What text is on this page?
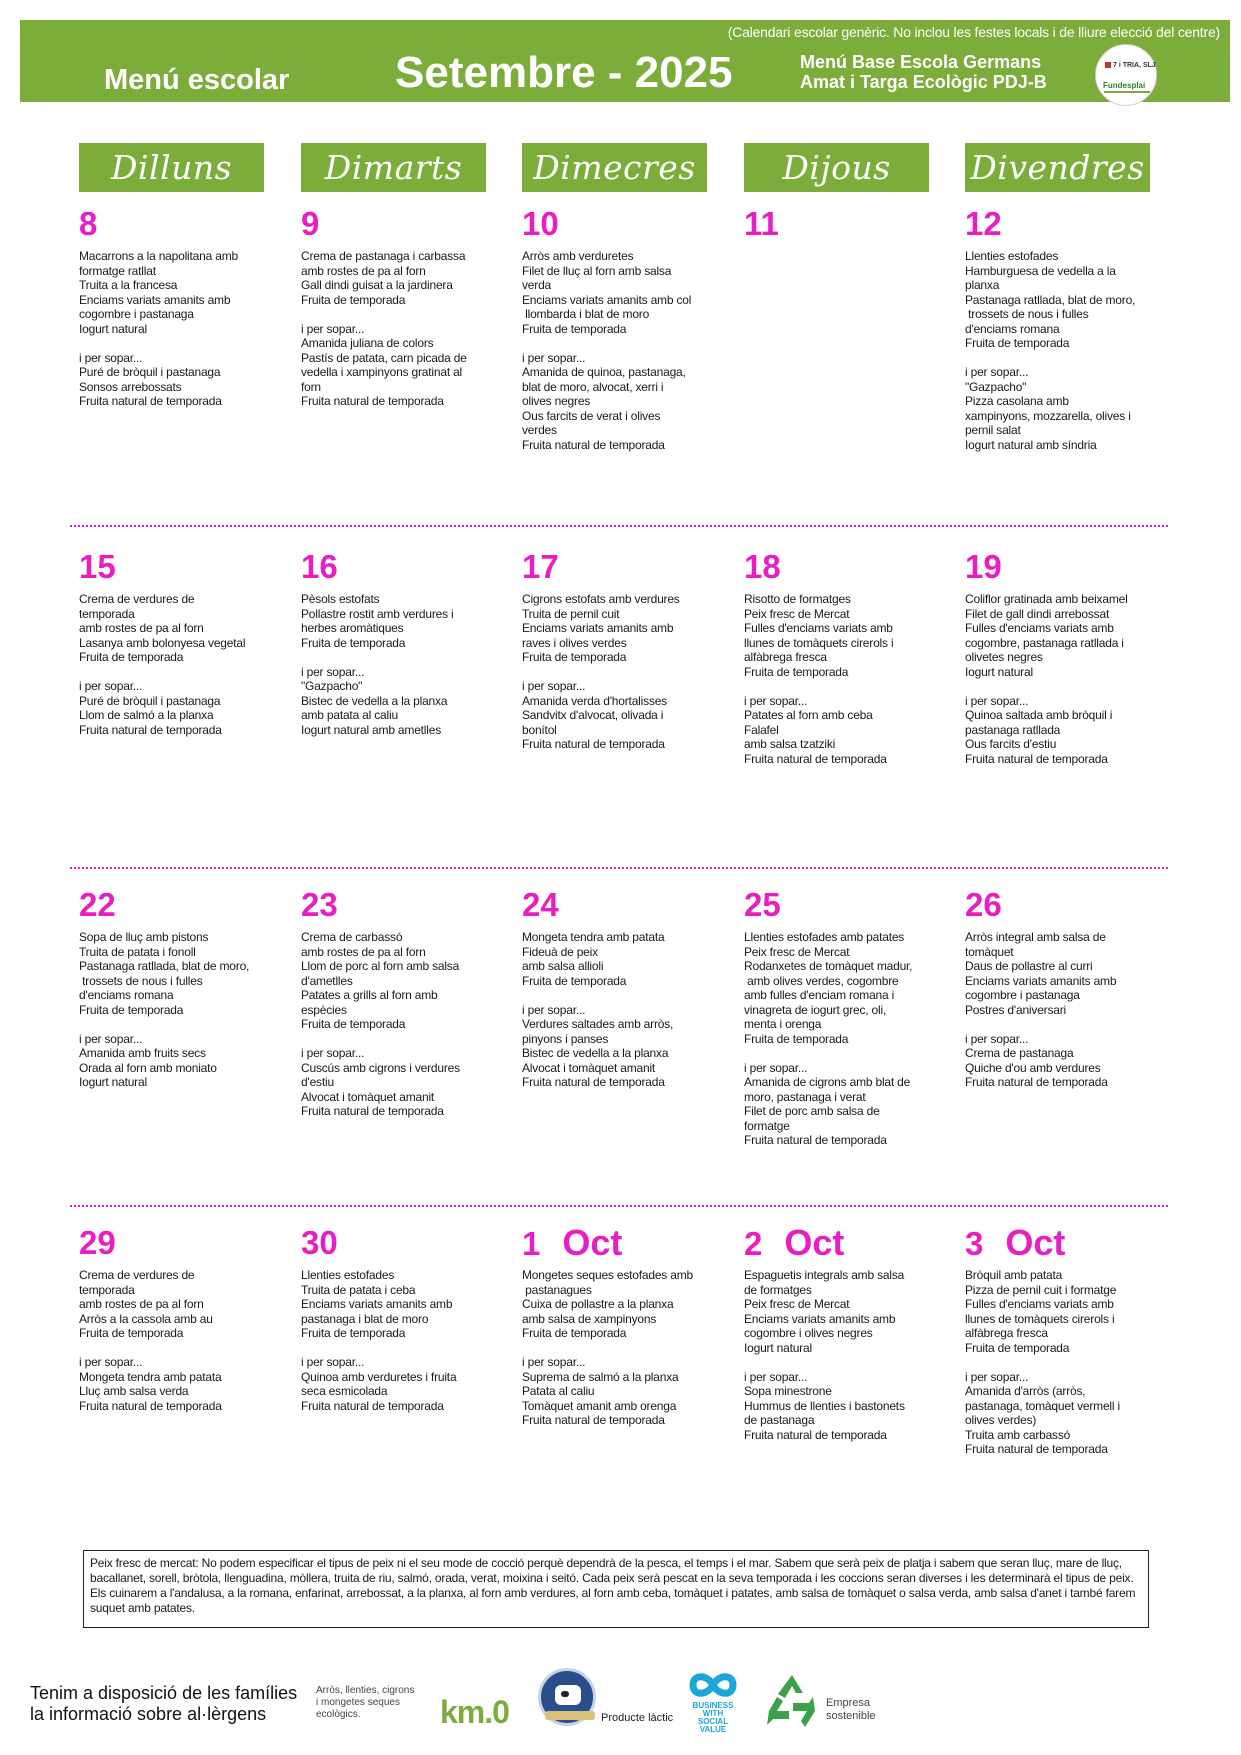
(Calendari escolar genèric. No inclou les festes locals i de lliure elecció del centre)
Menú escolar Setembre - 2025	Menú Base Escola Germans
Amat i Targa Ecològic PDJ-B
7 i TRIA, SLJ
Fundesplai
Dilluns	Dimarts	Dimecres	Dijous	Divendres
8
Macarrons a la napolitana amb
formatge ratllat
Truita a la francesa
Enciams variats amanits amb
cogombre i pastanaga
Iogurt natural
i per sopar...
Puré de bròquil i pastanaga
Sonsos arrebossats
Fruita natural de temporada
9
Crema de pastanaga i carbassa
amb rostes de pa al forn
Gall dindi guisat a la jardinera
Fruita de temporada
i per sopar...
Amanida juliana de colors
Pastís de patata, carn picada de
vedella i xampinyons gratinat al
forn
Fruita natural de temporada
10
Arròs amb verduretes
Filet de lluç al forn amb salsa
verda
Enciams variats amanits amb col
llombarda i blat de moro
Fruita de temporada
i per sopar...
Amanida de quinoa, pastanaga,
blat de moro, alvocat, xerri i
olives negres
Ous farcits de verat i olives
verdes
Fruita natural de temporada
11	12
Llenties estofades
Hamburguesa de vedella a la
planxa
Pastanaga ratllada, blat de moro,
trossets de nous i fulles
d'enciams romana
Fruita de temporada
i per sopar...
"Gazpacho"
Pizza casolana amb
xampinyons, mozzarella, olives i
pernil salat
Iogurt natural amb síndria
15
Crema de verdures de
temporada
amb rostes de pa al forn
Lasanya amb bolonyesa vegetal
Fruita de temporada
i per sopar...
Puré de bròquil i pastanaga
Llom de salmó a la planxa
Fruita natural de temporada
16
Pèsols estofats
Pollastre rostit amb verdures i
herbes aromàtiques
Fruita de temporada
i per sopar...
"Gazpacho"
Bistec de vedella a la planxa
amb patata al caliu
Iogurt natural amb ametlles
17
Cigrons estofats amb verdures
Truita de pernil cuit
Enciams variats amanits amb
raves i olives verdes
Fruita de temporada
i per sopar...
Amanida verda d'hortalisses
Sandvitx d'alvocat, olivada i
bonítol
Fruita natural de temporada
18
Risotto de formatges
Peix fresc de Mercat
Fulles d'enciams variats amb
llunes de tomàquets cirerols i
alfàbrega fresca
Fruita de temporada
i per sopar...
Patates al forn amb ceba
Falafel
amb salsa tzatziki
Fruita natural de temporada
19
Coliflor gratinada amb beixamel
Filet de gall dindi arrebossat
Fulles d'enciams variats amb
cogombre, pastanaga ratllada i
olivetes negres
Iogurt natural
i per sopar...
Quinoa saltada amb bròquil i
pastanaga ratllada
Ous farcits d'estiu
Fruita natural de temporada
22
Sopa de lluç amb pistons
Truita de patata i fonoll
Pastanaga ratllada, blat de moro,
trossets de nous i fulles
d'enciams romana
Fruita de temporada
i per sopar...
Amanida amb fruits secs
Orada al forn amb moniato
Iogurt natural
23
Crema de carbassó
amb rostes de pa al forn
Llom de porc al forn amb salsa
d'ametlles
Patates a grills al forn amb
espècies
Fruita de temporada
i per sopar...
Cuscús amb cigrons i verdures
d'estiu
Alvocat i tomàquet amanit
Fruita natural de temporada
24
Mongeta tendra amb patata
Fideuà de peix
amb salsa allioli
Fruita de temporada
i per sopar...
Verdures saltades amb arròs,
pinyons i panses
Bistec de vedella a la planxa
Alvocat i tomàquet amanit
Fruita natural de temporada
25
Llenties estofades amb patates
Peix fresc de Mercat
Rodanxetes de tomàquet madur,
amb olives verdes, cogombre
amb fulles d'enciam romana i
vinagreta de iogurt grec, oli,
menta i orenga
Fruita de temporada
i per sopar...
Amanida de cigrons amb blat de
moro, pastanaga i verat
Filet de porc amb salsa de
formatge
Fruita natural de temporada
26
Arròs integral amb salsa de
tomàquet
Daus de pollastre al curri
Enciams variats amanits amb
cogombre i pastanaga
Postres d'aniversari
i per sopar...
Crema de pastanaga
Quiche d'ou amb verdures
Fruita natural de temporada
29
Crema de verdures de
temporada
amb rostes de pa al forn
Arròs a la cassola amb au
Fruita de temporada
i per sopar...
Mongeta tendra amb patata
Lluç amb salsa verda
Fruita natural de temporada
30
Llenties estofades
Truita de patata i ceba
Enciams variats amanits amb
pastanaga i blat de moro
Fruita de temporada
i per sopar...
Quinoa amb verduretes i fruita
seca esmicolada
Fruita natural de temporada
1 Oct
Mongetes seques estofades amb
pastanagues
Cuixa de pollastre a la planxa
amb salsa de xampinyons
Fruita de temporada
i per sopar...
Suprema de salmó a la planxa
Patata al caliu
Tomàquet amanit amb orenga
Fruita natural de temporada
2 Oct
Espaguetis integrals amb salsa
de formatges
Peix fresc de Mercat
Enciams variats amanits amb
cogombre i olives negres
Iogurt natural
i per sopar...
Sopa minestrone
Hummus de llenties i bastonets
de pastanaga
Fruita natural de temporada
3 Oct
Bròquil amb patata
Pizza de pernil cuit i formatge
Fulles d'enciams variats amb
llunes de tomàquets cirerols i
alfàbrega fresca
Fruita de temporada
i per sopar...
Amanida d'arròs (arròs,
pastanaga, tomàquet vermell i
olives verdes)
Truita amb carbassó
Fruita natural de temporada
Peix fresc de mercat: No podem especificar el tipus de peix ni el seu mode de cocció perquè dependrà de la pesca, el temps i el mar. Sabem que serà peix de platja i sabem que seran lluç, mare de lluç, bacallanet, sorell, bròtola, llenguadina, mòllera, truita de riu, salmó, orada, verat, moixina i seitó. Cada peix serà pescat en la seva temporada i les coccions seran diverses i les determinarà el tipus de peix. Els cuinarem a l'andalusa, a la romana, enfarinat, arrebossat, a la planxa, al forn amb verdures, al forn amb ceba, tomàquet i patates, amb salsa de tomàquet o salsa verda, amb salsa d'anet i també farem suquet amb patates.
Tenim a disposició de les famílies
la informació sobre al·lèrgens
Arròs, llenties, cigrons
i mongetes seques
ecològics.	km.0	Producte làctic
BUSINESS
WITH
SOCIAL
VALUE
Empresa
sostenible
